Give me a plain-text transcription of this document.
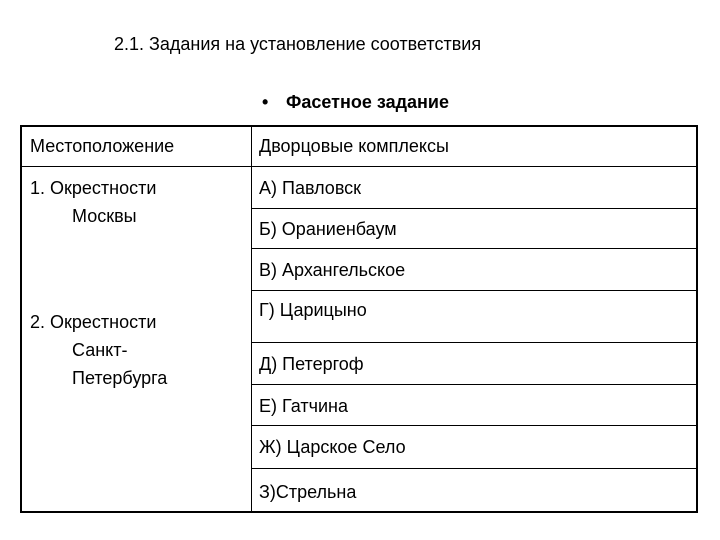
2.1. Задания на установление соответствия
• Фасетное задание
Местоположение	Дворцовые комплексы
1. Окрестности
Москвы
2. Окрестности
Санкт-
Петербурга
А) Павловск
Б) Ораниенбаум
В) Архангельское
Г) Царицыно
Д) Петергоф
Е) Гатчина
Ж) Царское Село
З)Стрельна
